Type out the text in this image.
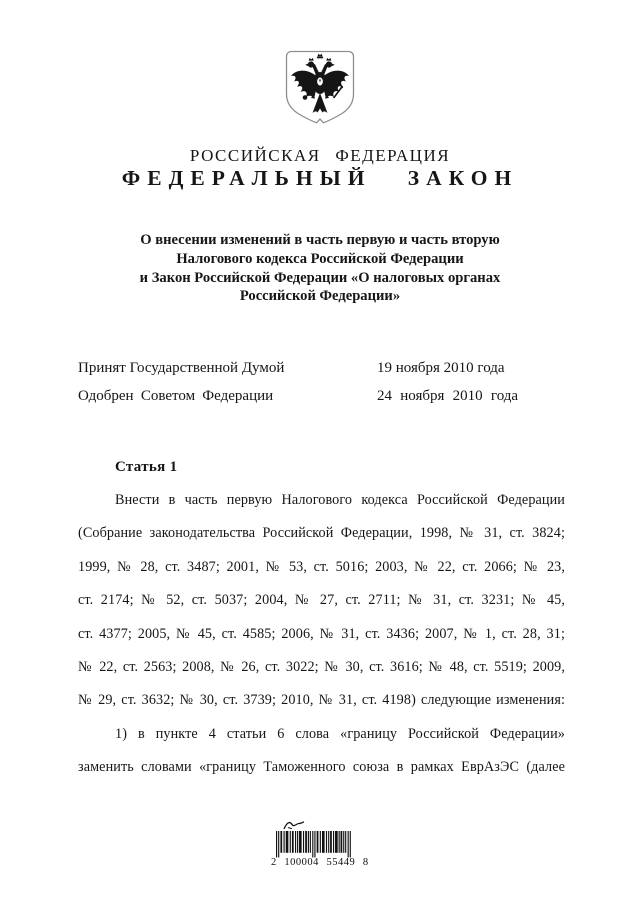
РОССИЙСКАЯ ФЕДЕРАЦИЯ
ФЕДЕРАЛЬНЫЙ ЗАКОН
О внесении изменений в часть первую и часть вторую
Налогового кодекса Российской Федерации
и Закон Российской Федерации «О налоговых органах
Российской Федерации»
Принят Государственной Думой	19 ноября 2010 года
Одобрен Советом Федерации	24 ноября 2010 года
Статья 1
Внести в часть первую Налогового кодекса Российской Федерации
(Собрание законодательства Российской Федерации, 1998, № 31, ст. 3824;
1999, № 28, ст. 3487; 2001, № 53, ст. 5016; 2003, № 22, ст. 2066; № 23,
ст. 2174; № 52, ст. 5037; 2004, № 27, ст. 2711; № 31, ст. 3231; № 45,
ст. 4377; 2005, № 45, ст. 4585; 2006, № 31, ст. 3436; 2007, № 1, ст. 28, 31;
№ 22, ст. 2563; 2008, № 26, ст. 3022; № 30, ст. 3616; № 48, ст. 5519; 2009,
№ 29, ст. 3632; № 30, ст. 3739; 2010, № 31, ст. 4198) следующие изменения:
1) в пункте 4 статьи 6 слова «границу Российской Федерации»
заменить словами «границу Таможенного союза в рамках ЕврАзЭС (далее
2 100004 55449 8
